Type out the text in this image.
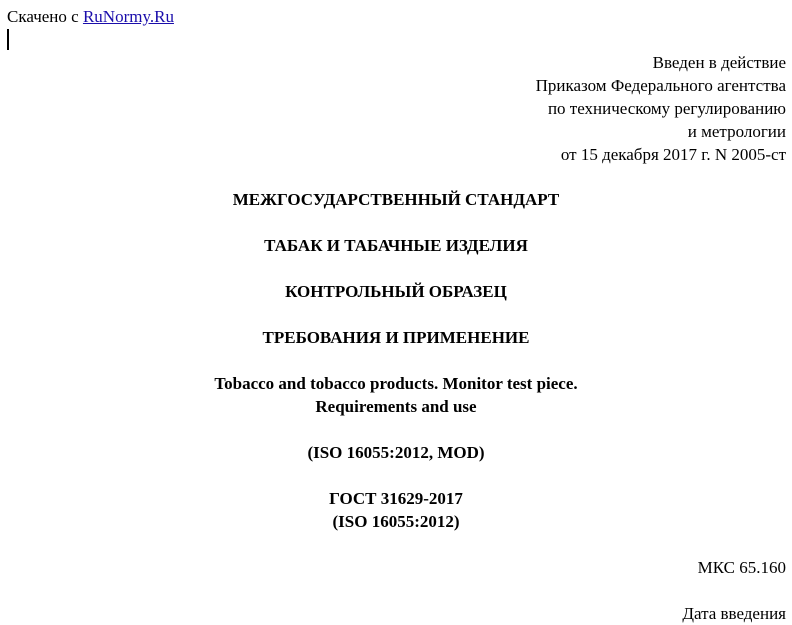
Скачено с RuNormy.Ru
Введен в действие
Приказом Федерального агентства
по техническому регулированию
и метрологии
от 15 декабря 2017 г. N 2005-ст
МЕЖГОСУДАРСТВЕННЫЙ СТАНДАРТ
ТАБАК И ТАБАЧНЫЕ ИЗДЕЛИЯ
КОНТРОЛЬНЫЙ ОБРАЗЕЦ
ТРЕБОВАНИЯ И ПРИМЕНЕНИЕ
Tobacco and tobacco products. Monitor test piece.
Requirements and use
(ISO 16055:2012, MOD)
ГОСТ 31629-2017
(ISO 16055:2012)
МКС 65.160
Дата введения
